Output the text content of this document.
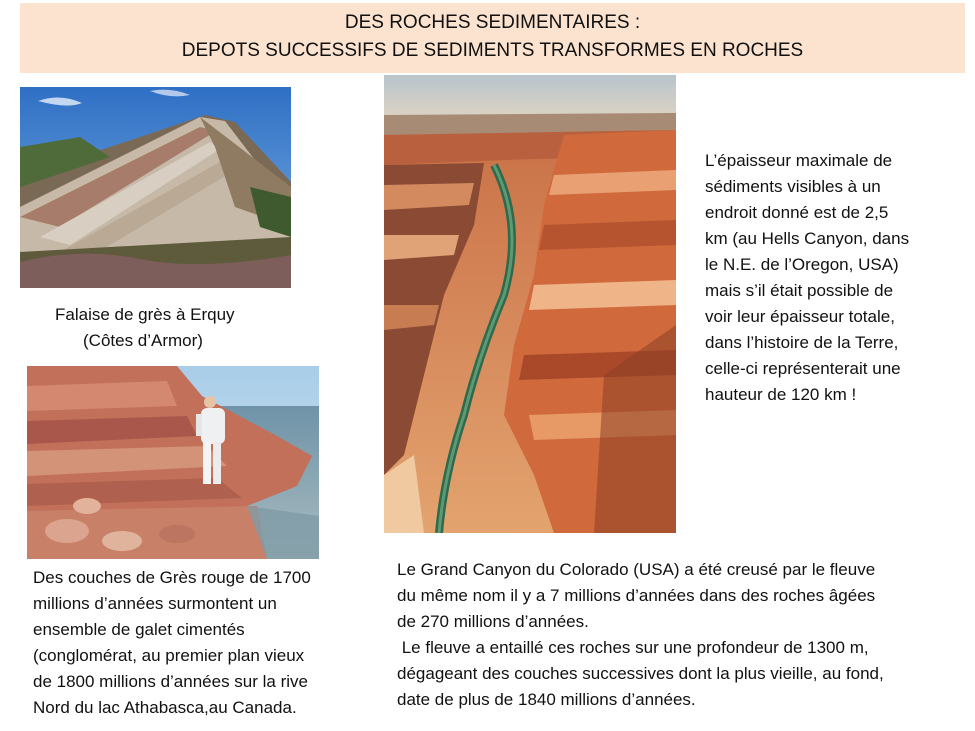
DES ROCHES SEDIMENTAIRES :
DEPOTS SUCCESSIFS DE SEDIMENTS TRANSFORMES EN ROCHES
Falaise de grès à Erquy
(Côtes d’Armor)
Des couches de Grès rouge de 1700
millions d’années surmontent un
ensemble de galet cimentés
(conglomérat, au premier plan vieux
de 1800 millions d’années sur la rive
Nord du lac Athabasca,au Canada.
L’épaisseur maximale de
sédiments visibles à un
endroit donné est de 2,5
km (au Hells Canyon, dans
le N.E. de l’Oregon, USA)
mais s’il était possible de
voir leur épaisseur totale,
dans l’histoire de la Terre,
celle-ci représenterait une
hauteur de 120 km !
Le Grand Canyon du Colorado (USA) a été creusé par le fleuve
du même nom il y a 7 millions d’années dans des roches âgées
de 270 millions d’années.
Le fleuve a entaillé ces roches sur une profondeur de 1300 m,
dégageant des couches successives dont la plus vieille, au fond,
date de plus de 1840 millions d’années.
